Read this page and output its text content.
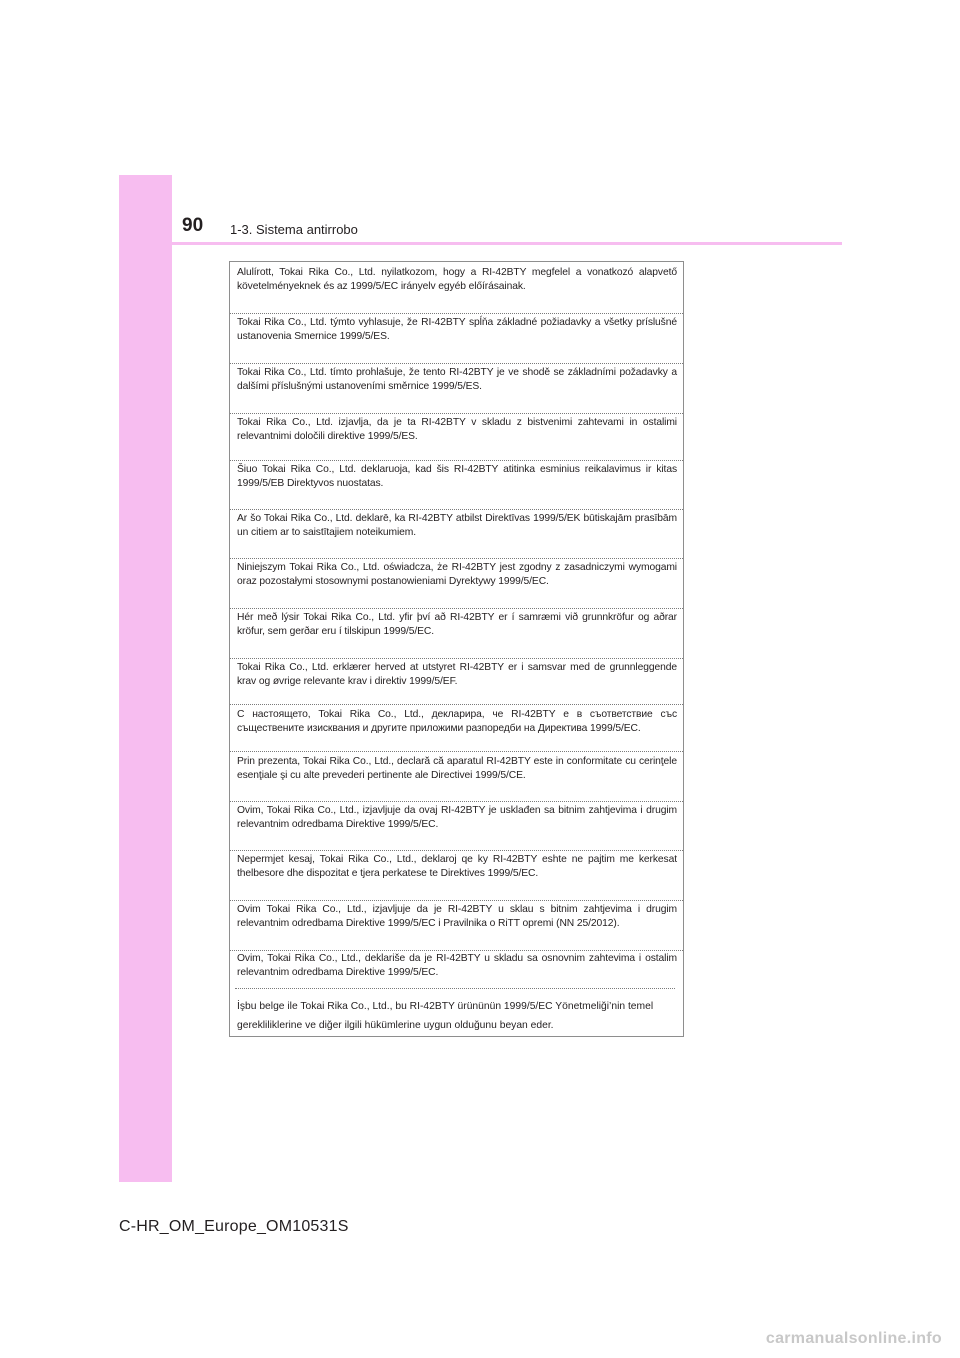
90 1-3. Sistema antirrobo
Alulírott, Tokai Rika Co., Ltd. nyilatkozom, hogy a RI-42BTY megfelel a vonatkozó alapvető követelményeknek és az 1999/5/EC irányelv egyéb előírásainak.
Tokai Rika Co., Ltd. týmto vyhlasuje, že RI-42BTY spĺňa základné požiadavky a všetky príslušné ustanovenia Smernice 1999/5/ES.
Tokai Rika Co., Ltd. tímto prohlašuje, že tento RI-42BTY je ve shodě se základními požadavky a dalšími příslušnými ustanoveními směrnice 1999/5/ES.
Tokai Rika Co., Ltd. izjavlja, da je ta RI-42BTY v skladu z bistvenimi zahtevami in ostalimi relevantnimi določili direktive 1999/5/ES.
Šiuo Tokai Rika Co., Ltd. deklaruoja, kad šis RI-42BTY atitinka esminius reikalavimus ir kitas 1999/5/EB Direktyvos nuostatas.
Ar šo Tokai Rika Co., Ltd. deklarē, ka RI-42BTY atbilst Direktīvas 1999/5/EK būtiskajām prasībām un citiem ar to saistītajiem noteikumiem.
Niniejszym Tokai Rika Co., Ltd. oświadcza, że RI-42BTY jest zgodny z zasadniczymi wymogami oraz pozostałymi stosownymi postanowieniami Dyrektywy 1999/5/EC.
Hér með lýsir Tokai Rika Co., Ltd. yfir því að RI-42BTY er í samræmi við grunnkröfur og aðrar kröfur, sem gerðar eru í tilskipun 1999/5/EC.
Tokai Rika Co., Ltd. erklærer herved at utstyret RI-42BTY er i samsvar med de grunnleggende krav og øvrige relevante krav i direktiv 1999/5/EF.
С настоящето, Tokai Rika Co., Ltd., декларира, че RI-42BTY е в съответствие със съществените изисквания и другите приложими разпоредби на Директива 1999/5/EC.
Prin prezenta, Tokai Rika Co., Ltd., declară că aparatul RI-42BTY este in conformitate cu cerinţele esenţiale şi cu alte prevederi pertinente ale Directivei 1999/5/CE.
Ovim, Tokai Rika Co., Ltd., izjavljuje da ovaj RI-42BTY je usklađen sa bitnim zahtjevima i drugim relevantnim odredbama Direktive 1999/5/EC.
Nepermjet kesaj, Tokai Rika Co., Ltd., deklaroj qe ky RI-42BTY eshte ne pajtim me kerkesat thelbesore dhe dispozitat e tjera perkatese te Direktives 1999/5/EC.
Ovim Tokai Rika Co., Ltd., izjavljuje da je RI-42BTY u sklau s bitnim zahtjevima i drugim relevantnim odredbama Direktive 1999/5/EC i Pravilnika o RiTT opremi (NN 25/2012).
Ovim, Tokai Rika Co., Ltd., deklariše da je RI-42BTY u skladu sa osnovnim zahtevima i ostalim relevantnim odredbama Direktive 1999/5/EC.
İşbu belge ile Tokai Rika Co., Ltd., bu RI-42BTY ürününün 1999/5/EC Yönetmeliği’nin temel
gerekliliklerine ve diğer ilgili hükümlerine uygun olduğunu beyan eder.
C-HR_OM_Europe_OM10531S
carmanualsonline.info
